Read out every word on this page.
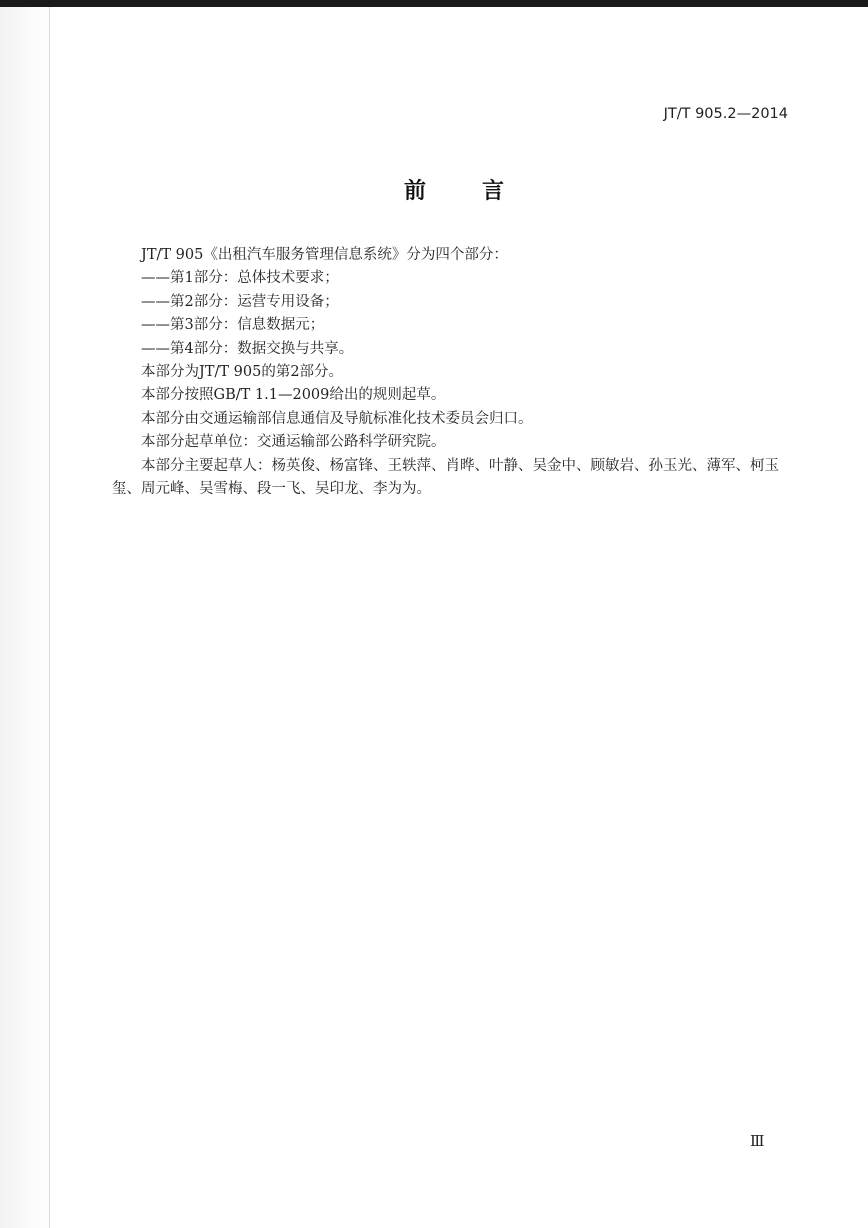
JT/T 905.2—2014
前	言

JT/T 905《出租汽车服务管理信息系统》分为四个部分：

——第1部分：总体技术要求；

——第2部分：运营专用设备；

——第3部分：信息数据元；

——第4部分：数据交换与共享。

本部分为JT/T 905的第2部分。

本部分按照GB/T 1.1—2009给出的规则起草。

本部分由交通运输部信息通信及导航标准化技术委员会归口。

本部分起草单位：交通运输部公路科学研究院。

本部分主要起草人：杨英俊、杨富锋、王轶萍、肖晔、叶静、吴金中、顾敏岩、孙玉光、薄军、柯玉玺、周元峰、吴雪梅、段一飞、吴印龙、李为为。

Ⅲ
